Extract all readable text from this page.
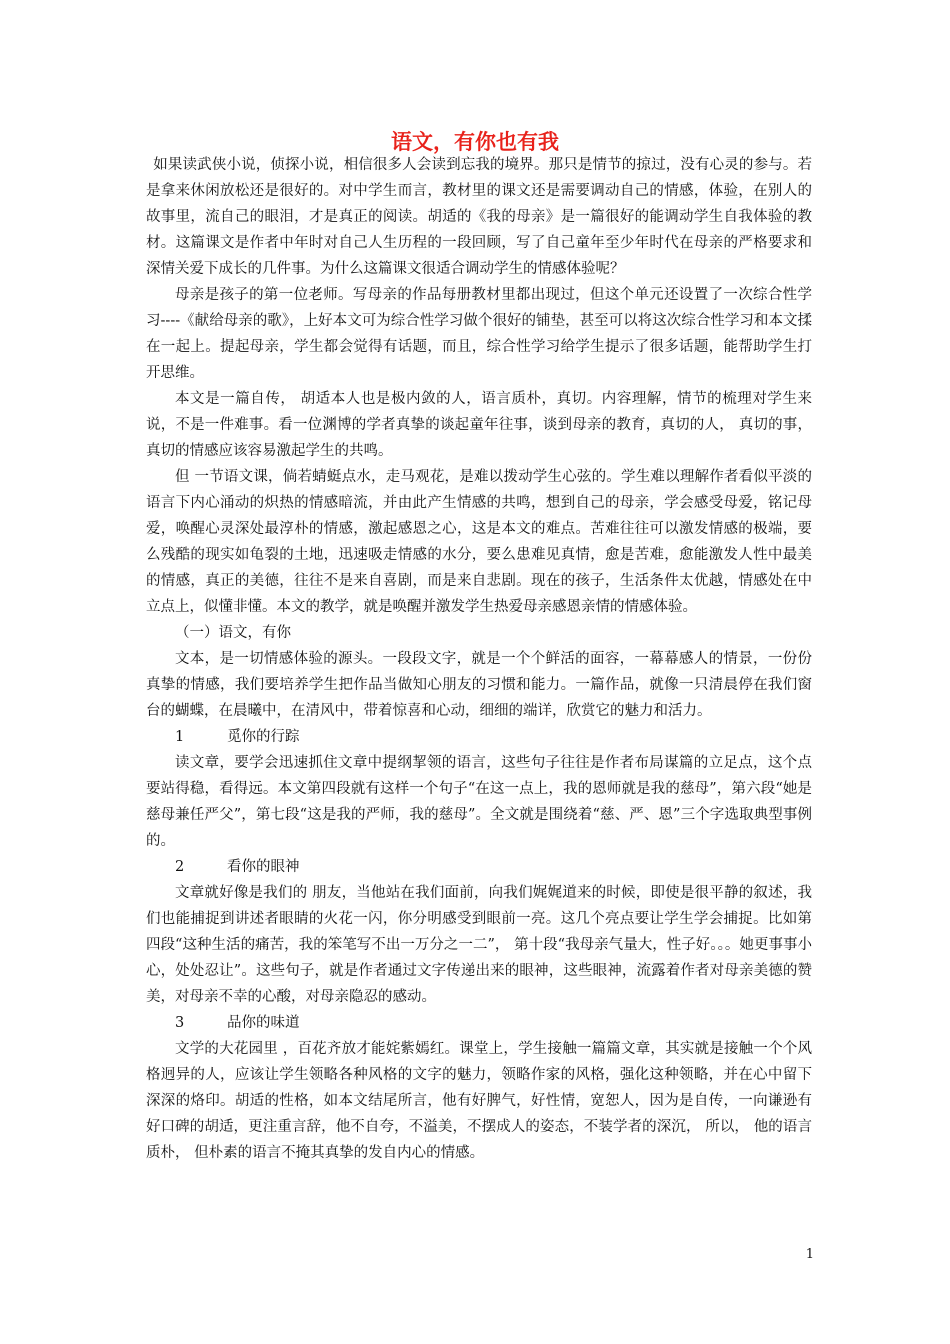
语文，有你也有我

如果读武侠小说，侦探小说，相信很多人会读到忘我的境界。那只是情节的掠过，没有心灵的参与。若是拿来休闲放松还是很好的。对中学生而言，教材里的课文还是需要调动自己的情感，体验，在别人的故事里，流自己的眼泪，才是真正的阅读。胡适的《我的母亲》是一篇很好的能调动学生自我体验的教材。这篇课文是作者中年时对自己人生历程的一段回顾，写了自己童年至少年时代在母亲的严格要求和深情关爱下成长的几件事。为什么这篇课文很适合调动学生的情感体验呢？

母亲是孩子的第一位老师。写母亲的作品每册教材里都出现过，但这个单元还设置了一次综合性学习----《献给母亲的歌》，上好本文可为综合性学习做个很好的铺垫，甚至可以将这次综合性学习和本文揉在一起上。提起母亲，学生都会觉得有话题，而且，综合性学习给学生提示了很多话题，能帮助学生打开思维。

本文是一篇自传， 胡适本人也是极内敛的人，语言质朴，真切。内容理解，情节的梳理对学生来说，不是一件难事。看一位渊博的学者真挚的谈起童年往事，谈到母亲的教育，真切的人， 真切的事， 真切的情感应该容易激起学生的共鸣。

但 一节语文课，倘若蜻蜓点水，走马观花，是难以拨动学生心弦的。学生难以理解作者看似平淡的语言下内心涌动的炽热的情感暗流，并由此产生情感的共鸣，想到自己的母亲，学会感受母爱，铭记母爱，唤醒心灵深处最淳朴的情感，激起感恩之心，这是本文的难点。苦难往往可以激发情感的极端，要么残酷的现实如龟裂的土地，迅速吸走情感的水分，要么患难见真情，愈是苦难，愈能激发人性中最美的情感，真正的美德，往往不是来自喜剧，而是来自悲剧。现在的孩子，生活条件太优越，情感处在中立点上，似懂非懂。本文的教学，就是唤醒并激发学生热爱母亲感恩亲情的情感体验。

（一）语文，有你

文本，是一切情感体验的源头。一段段文字，就是一个个鲜活的面容，一幕幕感人的情景，一份份真挚的情感，我们要培养学生把作品当做知心朋友的习惯和能力。一篇作品，就像一只清晨停在我们窗台的蝴蝶，在晨曦中，在清风中，带着惊喜和心动，细细的端详，欣赏它的魅力和活力。

1	觅你的行踪

读文章，要学会迅速抓住文章中提纲挈领的语言，这些句子往往是作者布局谋篇的立足点，这个点要站得稳，看得远。本文第四段就有这样一个句子“在这一点上，我的恩师就是我的慈母”，第六段“她是慈母兼任严父”，第七段“这是我的严师，我的慈母”。全文就是围绕着“慈、严、恩”三个字选取典型事例的。

2	看你的眼神

文章就好像是我们的 朋友，当他站在我们面前，向我们娓娓道来的时候，即使是很平静的叙述，我们也能捕捉到讲述者眼睛的火花一闪，你分明感受到眼前一亮。这几个亮点要让学生学会捕捉。比如第四段“这种生活的痛苦，我的笨笔写不出一万分之一二”， 第十段“我母亲气量大，性子好。。。她更事事小心，处处忍让”。这些句子，就是作者通过文字传递出来的眼神，这些眼神，流露着作者对母亲美德的赞美，对母亲不幸的心酸，对母亲隐忍的感动。

3	品你的味道

文学的大花园里 ，百花齐放才能姹紫嫣红。课堂上，学生接触一篇篇文章，其实就是接触一个个风格迥异的人，应该让学生领略各种风格的文字的魅力，领略作家的风格，强化这种领略，并在心中留下深深的烙印。胡适的性格，如本文结尾所言，他有好脾气，好性情，宽恕人，因为是自传，一向谦逊有好口碑的胡适，更注重言辞，他不自夸，不溢美，不摆成人的姿态，不装学者的深沉， 所以， 他的语言质朴， 但朴素的语言不掩其真挚的发自内心的情感。

1
